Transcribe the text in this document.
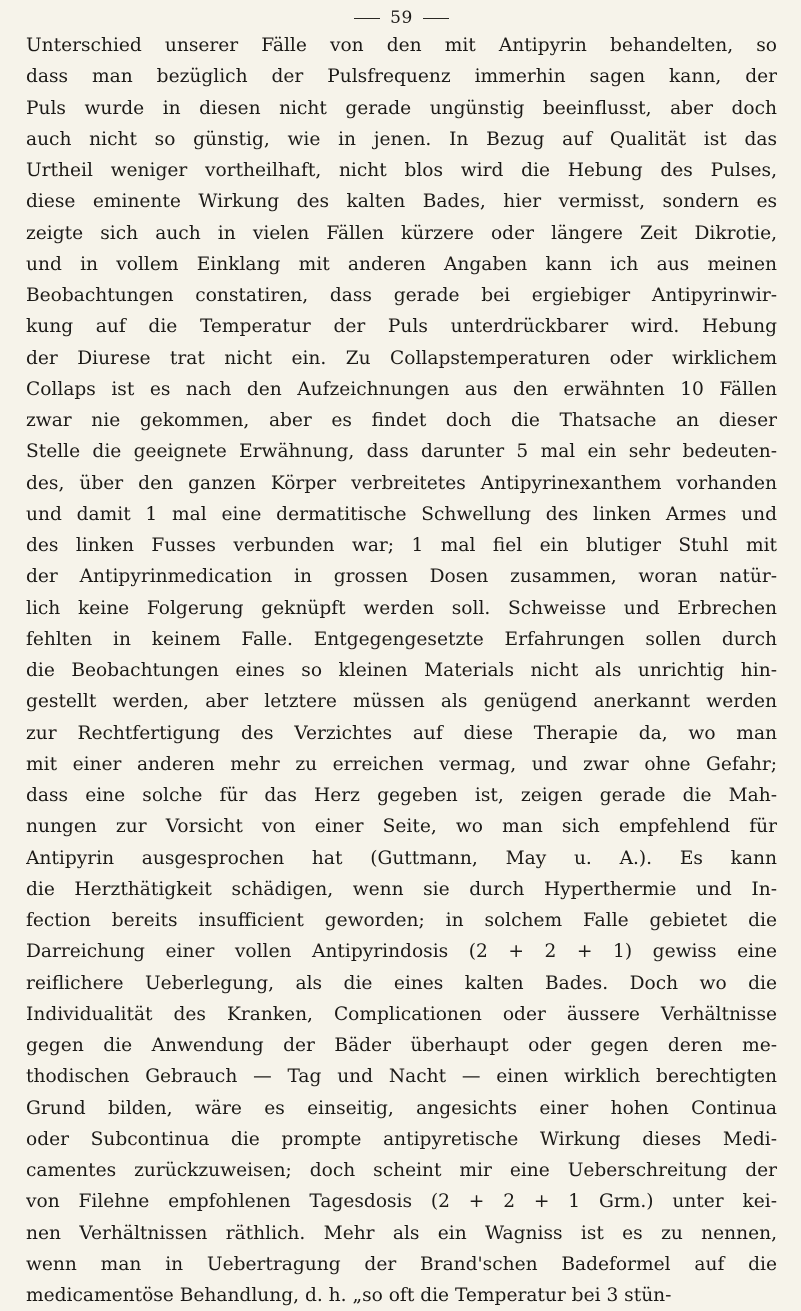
59
Unterschied unserer Fälle von den mit Antipyrin behandelten, so
dass man bezüglich der Pulsfrequenz immerhin sagen kann, der
Puls wurde in diesen nicht gerade ungünstig beeinflusst, aber doch
auch nicht so günstig, wie in jenen. In Bezug auf Qualität ist das
Urtheil weniger vortheilhaft, nicht blos wird die Hebung des Pulses,
diese eminente Wirkung des kalten Bades, hier vermisst, sondern es
zeigte sich auch in vielen Fällen kürzere oder längere Zeit Dikrotie,
und in vollem Einklang mit anderen Angaben kann ich aus meinen
Beobachtungen constatiren, dass gerade bei ergiebiger Antipyrinwir-
kung auf die Temperatur der Puls unterdrückbarer wird. Hebung
der Diurese trat nicht ein. Zu Collapstemperaturen oder wirklichem
Collaps ist es nach den Aufzeichnungen aus den erwähnten 10 Fällen
zwar nie gekommen, aber es findet doch die Thatsache an dieser
Stelle die geeignete Erwähnung, dass darunter 5 mal ein sehr bedeuten-
des, über den ganzen Körper verbreitetes Antipyrinexanthem vorhanden
und damit 1 mal eine dermatitische Schwellung des linken Armes und
des linken Fusses verbunden war; 1 mal fiel ein blutiger Stuhl mit
der Antipyrinmedication in grossen Dosen zusammen, woran natür-
lich keine Folgerung geknüpft werden soll. Schweisse und Erbrechen
fehlten in keinem Falle. Entgegengesetzte Erfahrungen sollen durch
die Beobachtungen eines so kleinen Materials nicht als unrichtig hin-
gestellt werden, aber letztere müssen als genügend anerkannt werden
zur Rechtfertigung des Verzichtes auf diese Therapie da, wo man
mit einer anderen mehr zu erreichen vermag, und zwar ohne Gefahr;
dass eine solche für das Herz gegeben ist, zeigen gerade die Mah-
nungen zur Vorsicht von einer Seite, wo man sich empfehlend für
Antipyrin ausgesprochen hat (Guttmann, May u. A.). Es kann
die Herzthätigkeit schädigen, wenn sie durch Hyperthermie und In-
fection bereits insufficient geworden; in solchem Falle gebietet die
Darreichung einer vollen Antipyrindosis (2 + 2 + 1) gewiss eine
reiflichere Ueberlegung, als die eines kalten Bades. Doch wo die
Individualität des Kranken, Complicationen oder äussere Verhältnisse
gegen die Anwendung der Bäder überhaupt oder gegen deren me-
thodischen Gebrauch — Tag und Nacht — einen wirklich berechtigten
Grund bilden, wäre es einseitig, angesichts einer hohen Continua
oder Subcontinua die prompte antipyretische Wirkung dieses Medi-
camentes zurückzuweisen; doch scheint mir eine Ueberschreitung der
von Filehne empfohlenen Tagesdosis (2 + 2 + 1 Grm.) unter kei-
nen Verhältnissen räthlich. Mehr als ein Wagniss ist es zu nennen,
wenn man in Uebertragung der Brand'schen Badeformel auf die
medicamentöse Behandlung, d. h. „so oft die Temperatur bei 3 stün-
